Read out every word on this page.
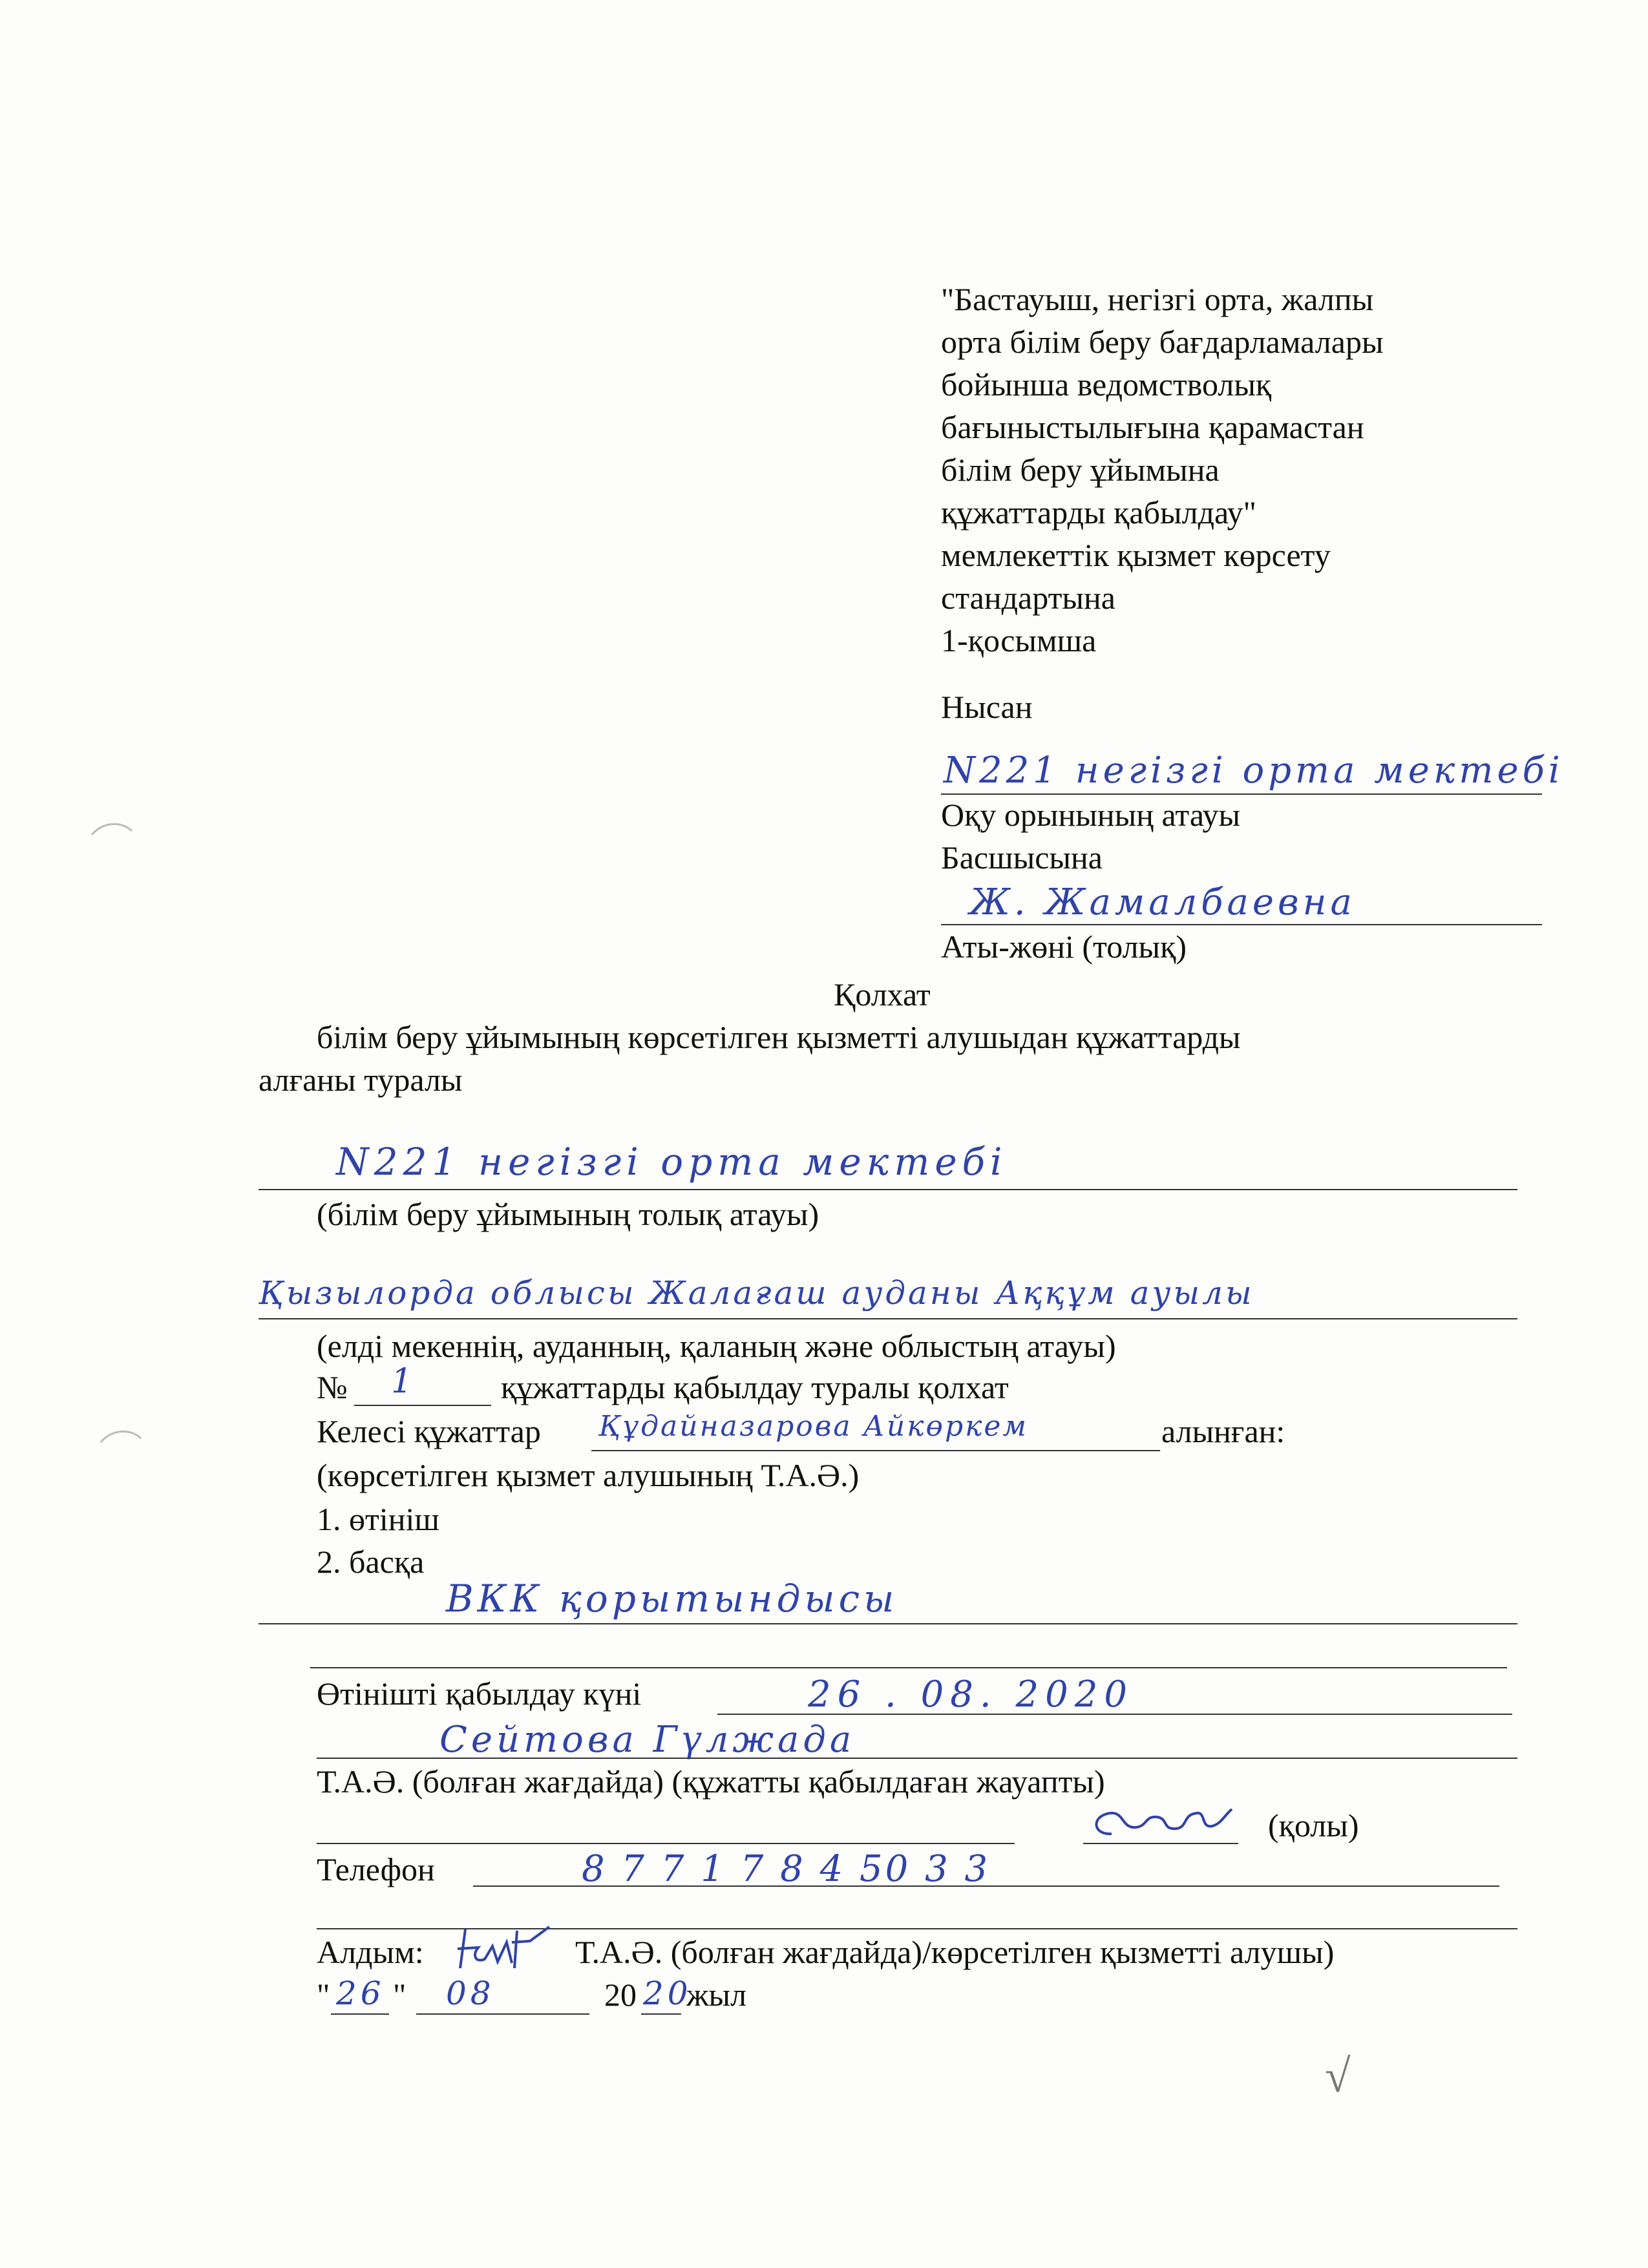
"Бастауыш, негізгі орта, жалпы
орта білім беру бағдарламалары
бойынша ведомстволық
бағыныстылығына қарамастан
білім беру ұйымына
құжаттарды қабылдау"
мемлекеттік қызмет көрсету
стандартына
1-қосымша
Нысан
N221 негізгі орта мектебі
Оқу орынының атауы
Басшысына
Ж. Жамалбаевна
Аты-жөні (толық)
Қолхат
білім беру ұйымының көрсетілген қызметті алушыдан құжаттарды
алғаны туралы
N221 негізгі орта мектебі
(білім беру ұйымының толық атауы)
Қызылорда облысы Жалағаш ауданы Аққұм ауылы
(елді мекеннің, ауданның, қаланың және облыстың атауы)
№ 1	құжаттарды қабылдау туралы қолхат
Келесі құжаттар Құдайназарова Айкөркем	алынған:
(көрсетілген қызмет алушының Т.А.Ә.)
1. өтініш
2. басқа
ВКК қорытындысы
Өтінішті қабылдау күні	26 . 08. 2020
Сейтова Гүлжада
Т.А.Ә. (болған жағдайда) (құжатты қабылдаған жауапты)
(қолы)
Телефон	8 7 7 1 7 8 4 50 3 3
Алдым:	Т.А.Ә. (болған жағдайда)/көрсетілген қызметті алушы)
" 26 " 08	20 20
жыл
√
